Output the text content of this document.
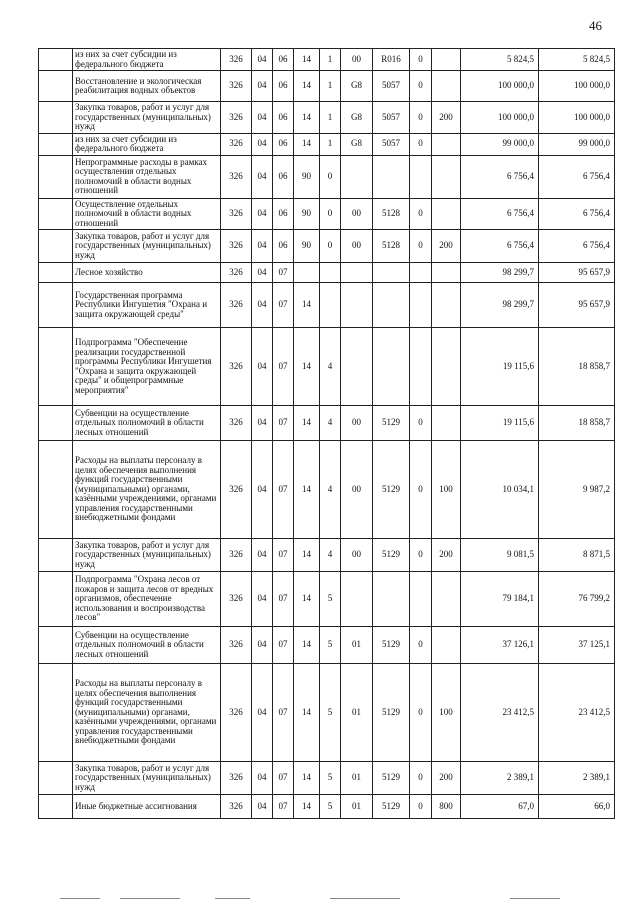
46
	из них за счет субсидии из федерального бюджета	326	04	06	14	1	00	R016	0		5 824,5	5 824,5
	Восстановление и экологическая реабилитация водных объектов	326	04	06	14	1	G8	5057	0		100 000,0	100 000,0
	Закупка товаров, работ и услуг для государственных (муниципальных) нужд	326	04	06	14	1	G8	5057	0	200	100 000,0	100 000,0
	из них за счет субсидии из федерального бюджета	326	04	06	14	1	G8	5057	0		99 000,0	99 000,0
	Непрограммные расходы в рамках осуществления отдельных полномочий в области водных отношений	326	04	06	90	0					6 756,4	6 756,4
	Осуществление отдельных полномочий в области водных отношений	326	04	06	90	0	00	5128	0		6 756,4	6 756,4
	Закупка товаров, работ и услуг для государственных (муниципальных) нужд	326	04	06	90	0	00	5128	0	200	6 756,4	6 756,4
	Лесное хозяйство	326	04	07							98 299,7	95 657,9
	Государственная программа Республики Ингушетия "Охрана и защита окружающей среды"	326	04	07	14						98 299,7	95 657,9
	Подпрограмма "Обеспечение реализации государственной программы Республики Ингушетия "Охрана и защита окружающей среды" и общепрограммные мероприятия"	326	04	07	14	4					19 115,6	18 858,7
	Субвенции на осуществление отдельных полномочий в области лесных отношений	326	04	07	14	4	00	5129	0		19 115,6	18 858,7
	Расходы на выплаты персоналу в целях обеспечения выполнения функций государственными (муниципальными) органами, казёнными учреждениями, органами управления государственными внебюджетными фондами	326	04	07	14	4	00	5129	0	100	10 034,1	9 987,2
	Закупка товаров, работ и услуг для государственных (муниципальных) нужд	326	04	07	14	4	00	5129	0	200	9 081,5	8 871,5
	Подпрограмма "Охрана лесов от пожаров и защита лесов от вредных организмов, обеспечение использования и воспроизводства лесов"	326	04	07	14	5					79 184,1	76 799,2
	Субвенции на осуществление отдельных полномочий в области лесных отношений	326	04	07	14	5	01	5129	0		37 126,1	37 125,1
	Расходы на выплаты персоналу в целях обеспечения выполнения функций государственными (муниципальными) органами, казёнными учреждениями, органами управления государственными внебюджетными фондами	326	04	07	14	5	01	5129	0	100	23 412,5	23 412,5
	Закупка товаров, работ и услуг для государственных (муниципальных) нужд	326	04	07	14	5	01	5129	0	200	2 389,1	2 389,1
	Иные бюджетные ассигнования	326	04	07	14	5	01	5129	0	800	67,0	66,0
